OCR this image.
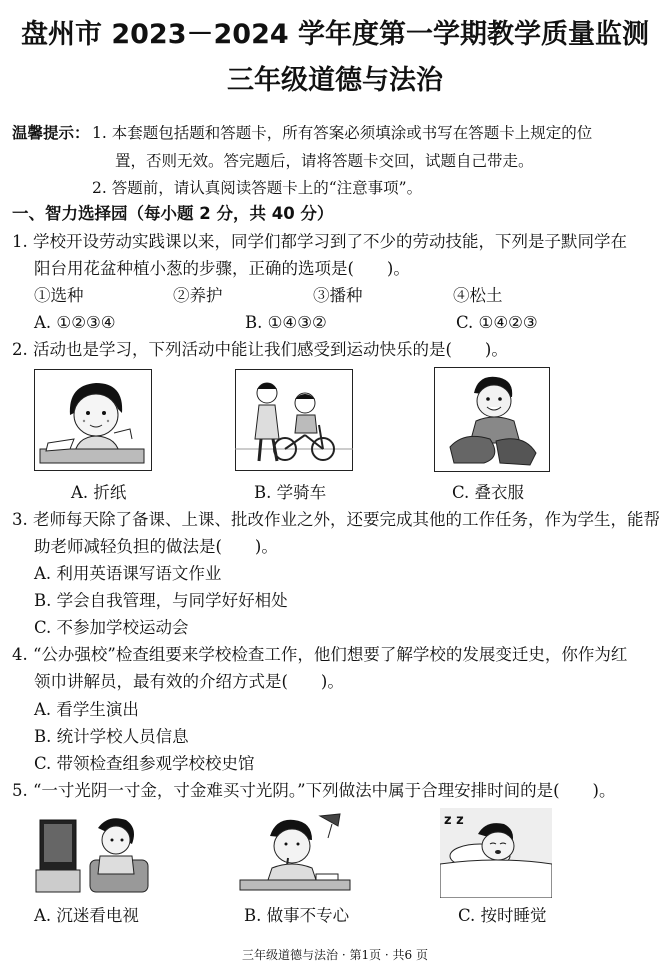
盘州市 2023－2024 学年度第一学期教学质量监测
三年级道德与法治
温馨提示： 1. 本套题包括题和答题卡，所有答案必须填涂或书写在答题卡上规定的位
置，否则无效。答完题后，请将答题卡交回，试题自己带走。
2. 答题前，请认真阅读答题卡上的“注意事项”。
一、智力选择园（每小题 2 分，共 40 分）
1. 学校开设劳动实践课以来，同学们都学习到了不少的劳动技能，下列是子默同学在
阳台用花盆种植小葱的步骤，正确的选项是(　　)。
①选种	②养护	③播种	④松土
A. ①②③④	B. ①④③②	C. ①④②③
2. 活动也是学习，下列活动中能让我们感受到运动快乐的是(　　)。
A. 折纸	B. 学骑车	C. 叠衣服
3. 老师每天除了备课、上课、批改作业之外，还要完成其他的工作任务，作为学生，能帮
助老师减轻负担的做法是(　　)。
A. 利用英语课写语文作业
B. 学会自我管理，与同学好好相处
C. 不参加学校运动会
4. “公办强校”检查组要来学校检查工作，他们想要了解学校的发展变迁史，你作为红
领巾讲解员，最有效的介绍方式是(　　)。
A. 看学生演出
B. 统计学校人员信息
C. 带领检查组参观学校校史馆
5. “一寸光阴一寸金，寸金难买寸光阴。”下列做法中属于合理安排时间的是(　　)。
z z
A. 沉迷看电视	B. 做事不专心	C. 按时睡觉
三年级道德与法治 · 第1页 · 共6 页
